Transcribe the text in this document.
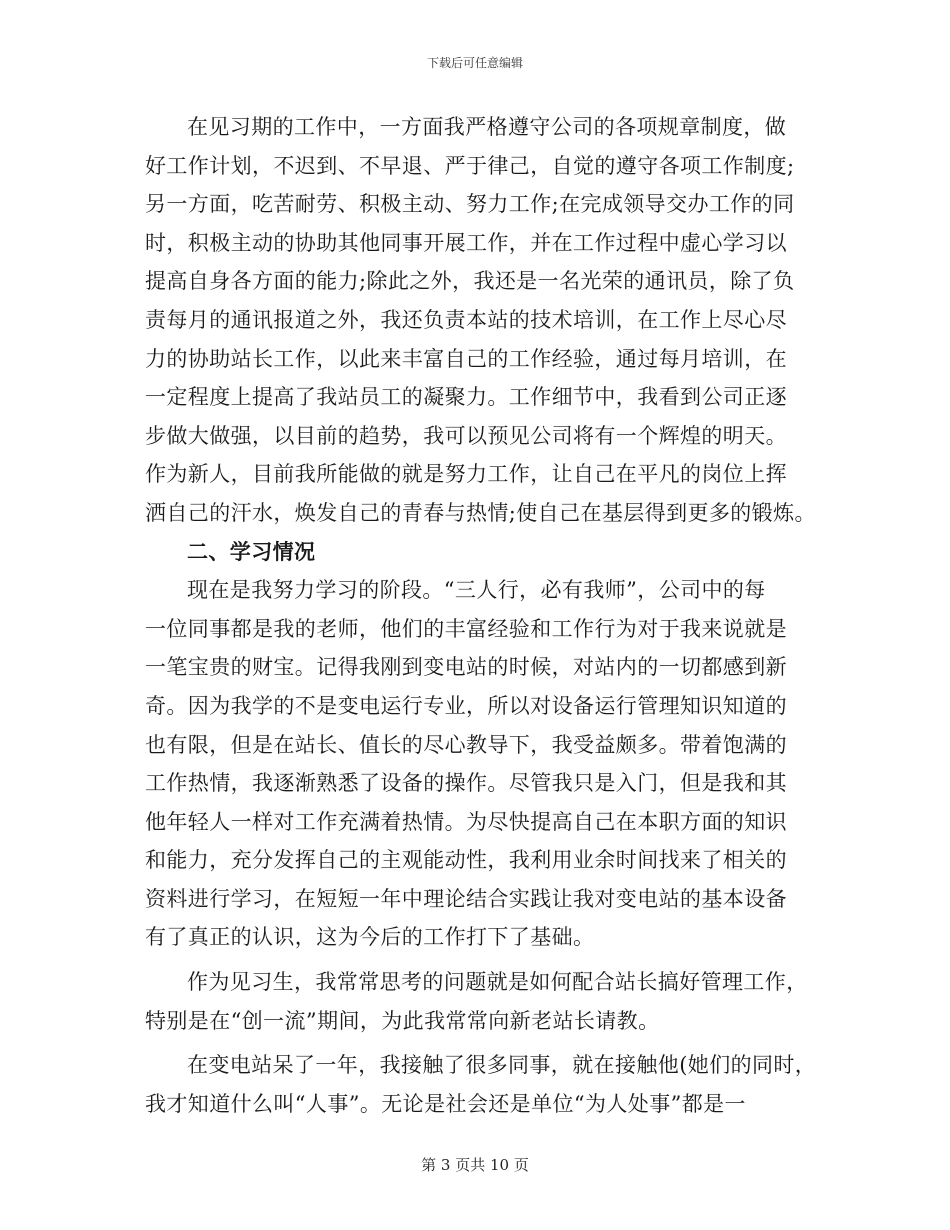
下载后可任意编辑
在见习期的工作中，一方面我严格遵守公司的各项规章制度，做
好工作计划，不迟到、不早退、严于律己，自觉的遵守各项工作制度;
另一方面，吃苦耐劳、积极主动、努力工作;在完成领导交办工作的同
时，积极主动的协助其他同事开展工作，并在工作过程中虚心学习以
提高自身各方面的能力;除此之外，我还是一名光荣的通讯员，除了负
责每月的通讯报道之外，我还负责本站的技术培训，在工作上尽心尽
力的协助站长工作，以此来丰富自己的工作经验，通过每月培训，在
一定程度上提高了我站员工的凝聚力。工作细节中，我看到公司正逐
步做大做强，以目前的趋势，我可以预见公司将有一个辉煌的明天。
作为新人，目前我所能做的就是努力工作，让自己在平凡的岗位上挥
洒自己的汗水，焕发自己的青春与热情;使自己在基层得到更多的锻炼。
二、学习情况
现在是我努力学习的阶段。“三人行，必有我师”，公司中的每
一位同事都是我的老师，他们的丰富经验和工作行为对于我来说就是
一笔宝贵的财宝。记得我刚到变电站的时候，对站内的一切都感到新
奇。因为我学的不是变电运行专业，所以对设备运行管理知识知道的
也有限，但是在站长、值长的尽心教导下，我受益颇多。带着饱满的
工作热情，我逐渐熟悉了设备的操作。尽管我只是入门，但是我和其
他年轻人一样对工作充满着热情。为尽快提高自己在本职方面的知识
和能力，充分发挥自己的主观能动性，我利用业余时间找来了相关的
资料进行学习，在短短一年中理论结合实践让我对变电站的基本设备
有了真正的认识，这为今后的工作打下了基础。
作为见习生，我常常思考的问题就是如何配合站长搞好管理工作，
特别是在“创一流”期间，为此我常常向新老站长请教。
在变电站呆了一年，我接触了很多同事，就在接触他(她们的同时，
我才知道什么叫“人事”。无论是社会还是单位“为人处事”都是一
第 3 页共 10 页
